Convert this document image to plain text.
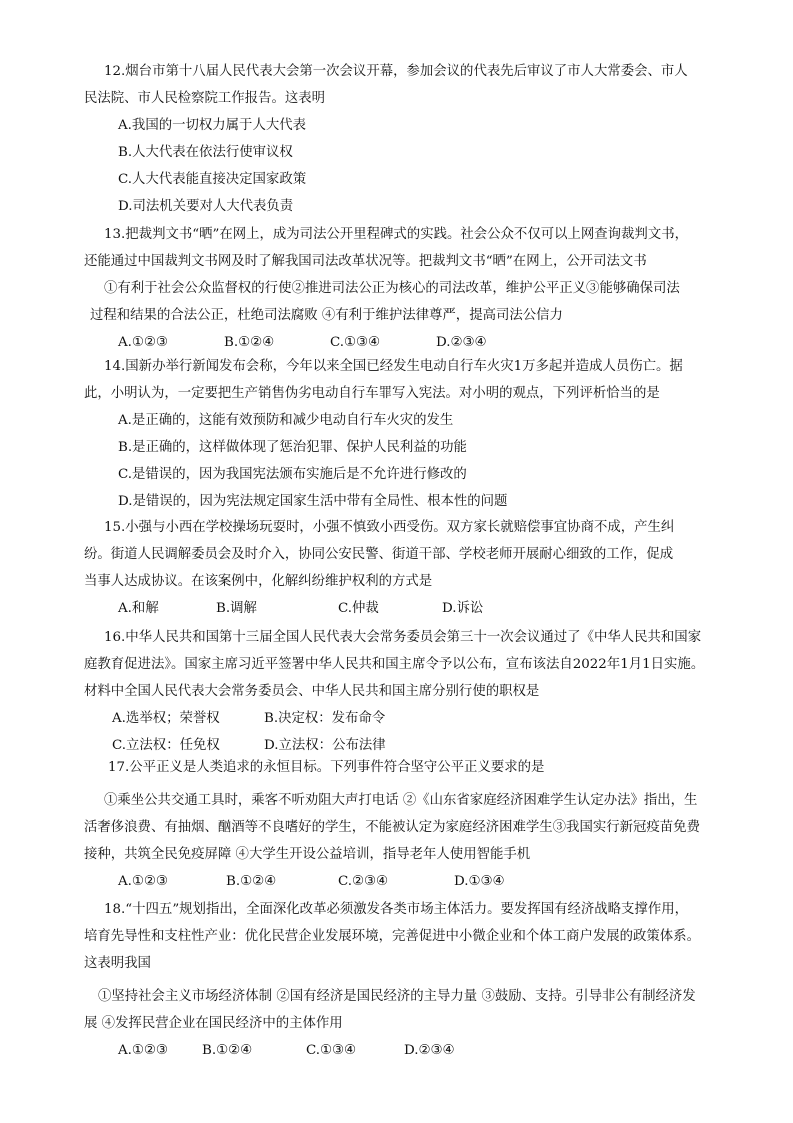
12.烟台市第十八届人民代表大会第一次会议开幕，参加会议的代表先后审议了市人大常委会、市人
民法院、市人民检察院工作报告。这表明
A.我国的一切权力属于人大代表
B.人大代表在依法行使审议权
C.人大代表能直接决定国家政策
D.司法机关要对人大代表负责
13.把裁判文书“晒”在网上，成为司法公开里程碑式的实践。社会公众不仅可以上网查询裁判文书，
还能通过中国裁判文书网及时了解我国司法改革状况等。把裁判文书“晒”在网上，公开司法文书
①有利于社会公众监督权的行使②推进司法公正为核心的司法改革，维护公平正义③能够确保司法
过程和结果的合法公正，杜绝司法腐败 ④有利于维护法律尊严，提高司法公信力
A.①②③	B.①②④	C.①③④	D.②③④
14.国新办举行新闻发布会称，今年以来全国已经发生电动自行车火灾1万多起并造成人员伤亡。据
此，小明认为，一定要把生产销售伪劣电动自行车罪写入宪法。对小明的观点，下列评析恰当的是
A.是正确的，这能有效预防和减少电动自行车火灾的发生
B.是正确的，这样做体现了惩治犯罪、保护人民利益的功能
C.是错误的，因为我国宪法颁布实施后是不允许进行修改的
D.是错误的，因为宪法规定国家生活中带有全局性、根本性的问题
15.小强与小西在学校操场玩耍时，小强不慎致小西受伤。双方家长就赔偿事宜协商不成，产生纠
纷。街道人民调解委员会及时介入，协同公安民警、街道干部、学校老师开展耐心细致的工作，促成
当事人达成协议。在该案例中，化解纠纷维护权利的方式是
A.和解	B.调解	C.仲裁	D.诉讼
16.中华人民共和国第十三届全国人民代表大会常务委员会第三十一次会议通过了《中华人民共和国家
庭教育促进法》。国家主席习近平签署中华人民共和国主席令予以公布，宣布该法自2022年1月1日实施。
材料中全国人民代表大会常务委员会、中华人民共和国主席分别行使的职权是
A.选举权；荣誉权	B.决定权：发布命令
C.立法权：任免权	D.立法权：公布法律
17.公平正义是人类追求的永恒目标。下列事件符合坚守公平正义要求的是
①乘坐公共交通工具时，乘客不听劝阻大声打电话 ②《山东省家庭经济困难学生认定办法》指出，生
活奢侈浪费、有抽烟、酗酒等不良嗜好的学生，不能被认定为家庭经济困难学生③我国实行新冠疫苗免费
接种，共筑全民免疫屏障 ④大学生开设公益培训，指导老年人使用智能手机
A.①②③	B.①②④	C.②③④	D.①③④
18.“十四五”规划指出，全面深化改革必须激发各类市场主体活力。要发挥国有经济战略支撑作用，
培育先导性和支柱性产业：优化民营企业发展环境，完善促进中小微企业和个体工商户发展的政策体系。
这表明我国
①坚持社会主义市场经济体制 ②国有经济是国民经济的主导力量 ③鼓励、支持。引导非公有制经济发
展 ④发挥民营企业在国民经济中的主体作用
A.①②③	B.①②④	C.①③④	D.②③④
